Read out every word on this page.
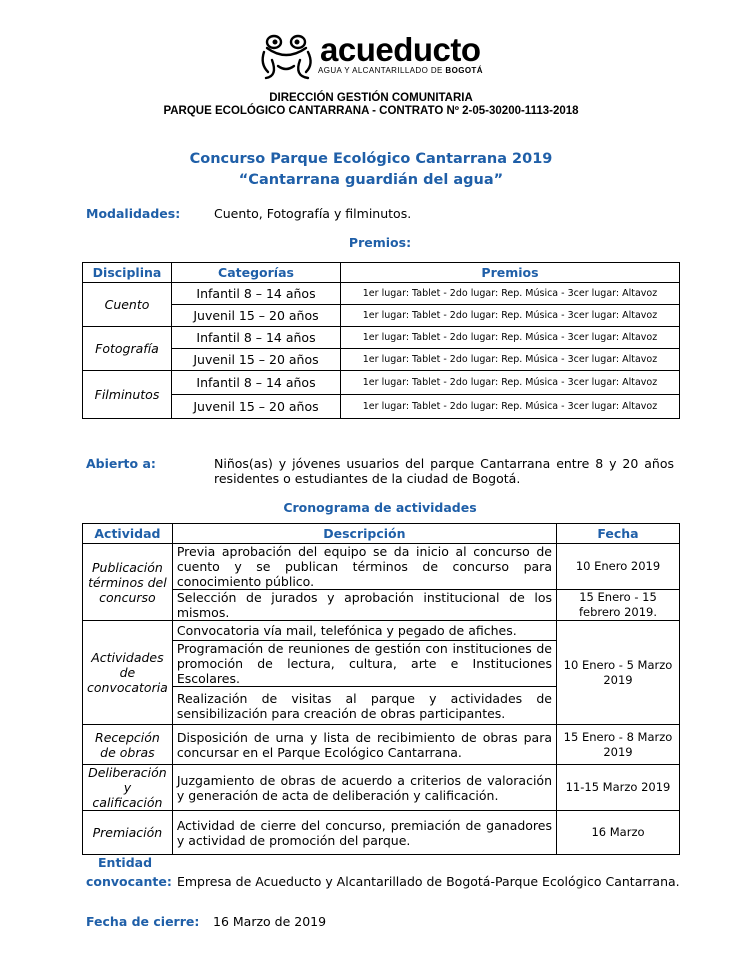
acueducto
AGUA Y ALCANTARILLADO DE BOGOTÁ
DIRECCIÓN GESTIÓN COMUNITARIA
PARQUE ECOLÓGICO CANTARRANA - CONTRATO Nº 2-05-30200-1113-2018
Concurso Parque Ecológico Cantarrana 2019
“Cantarrana guardián del agua”
Modalidades:	Cuento, Fotografía y filminutos.
Premios:
Disciplina	Categorías	Premios
Cuento	Infantil 8 – 14 años	1er lugar: Tablet - 2do lugar: Rep. Música - 3cer lugar: Altavoz
	Juvenil 15 – 20 años	1er lugar: Tablet - 2do lugar: Rep. Música - 3cer lugar: Altavoz
Fotografía	Infantil 8 – 14 años	1er lugar: Tablet - 2do lugar: Rep. Música - 3cer lugar: Altavoz
	Juvenil 15 – 20 años	1er lugar: Tablet - 2do lugar: Rep. Música - 3cer lugar: Altavoz
Filminutos	Infantil 8 – 14 años	1er lugar: Tablet - 2do lugar: Rep. Música - 3cer lugar: Altavoz
	Juvenil 15 – 20 años	1er lugar: Tablet - 2do lugar: Rep. Música - 3cer lugar: Altavoz
Abierto a:	Niños(as) y jóvenes usuarios del parque Cantarrana entre 8 y 20 años residentes o estudiantes de la ciudad de Bogotá.
Cronograma de actividades
Actividad	Descripción	Fecha
Publicación términos del concurso	Previa aprobación del equipo se da inicio al concurso de cuento y se publican términos de concurso para conocimiento público.	10 Enero 2019
	Selección de jurados y aprobación institucional de los mismos.	15 Enero - 15 febrero 2019.
Actividades de convocatoria	Convocatoria vía mail, telefónica y pegado de afiches.	10 Enero - 5 Marzo 2019
	Programación de reuniones de gestión con instituciones de promoción de lectura, cultura, arte e Instituciones Escolares.	
	Realización de visitas al parque y actividades de sensibilización para creación de obras participantes.	
Recepción de obras	Disposición de urna y lista de recibimiento de obras para concursar en el Parque Ecológico Cantarrana.	15 Enero - 8 Marzo 2019
Deliberación y calificación	Juzgamiento de obras de acuerdo a criterios de valoración y generación de acta de deliberación y calificación.	11-15 Marzo 2019
Premiación	Actividad de cierre del concurso, premiación de ganadores y actividad de promoción del parque.	16 Marzo
Entidad
convocante: Empresa de Acueducto y Alcantarillado de Bogotá-Parque Ecológico Cantarrana.
Fecha de cierre: 16 Marzo de 2019
